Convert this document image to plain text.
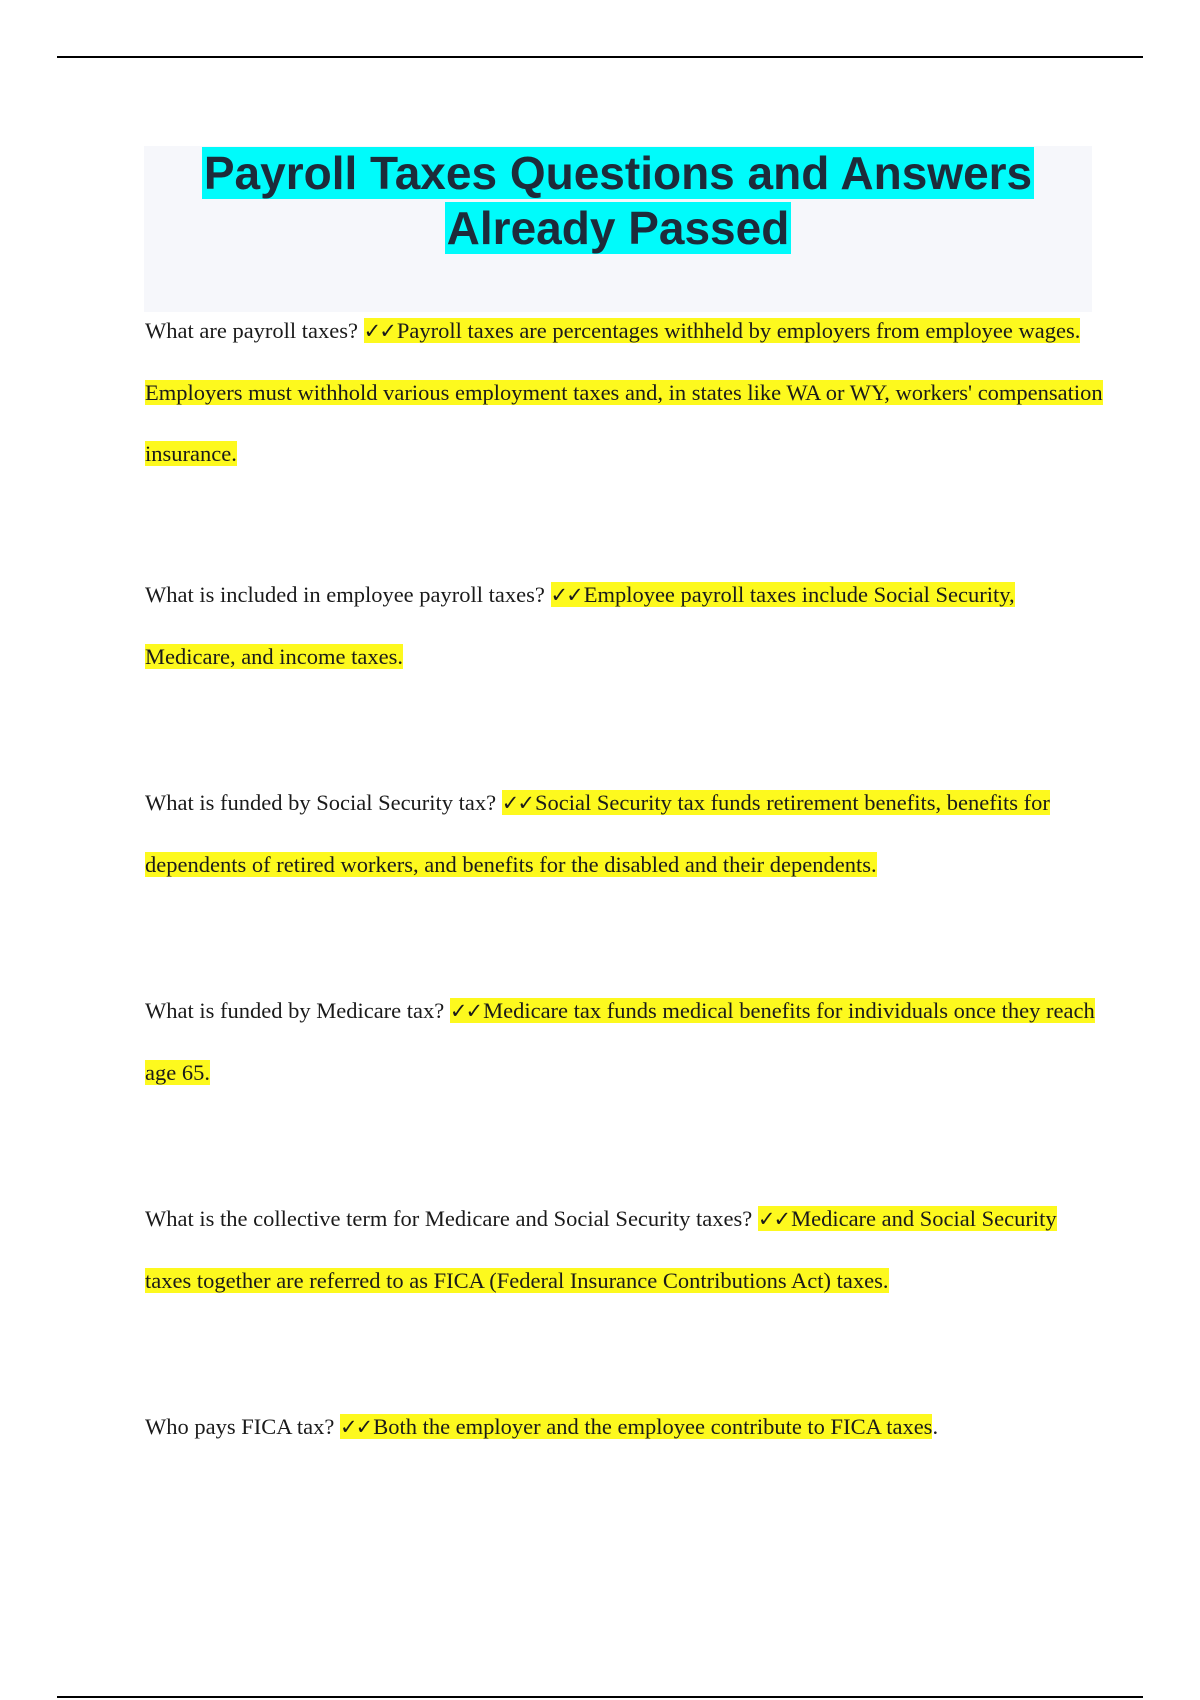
Payroll Taxes Questions and Answers
Already Passed

What are payroll taxes? ✓✓Payroll taxes are percentages withheld by employers from employee wages. Employers must withhold various employment taxes and, in states like WA or WY, workers' compensation insurance.

What is included in employee payroll taxes? ✓✓Employee payroll taxes include Social Security, Medicare, and income taxes.

What is funded by Social Security tax? ✓✓Social Security tax funds retirement benefits, benefits for dependents of retired workers, and benefits for the disabled and their dependents.

What is funded by Medicare tax? ✓✓Medicare tax funds medical benefits for individuals once they reach age 65.

What is the collective term for Medicare and Social Security taxes? ✓✓Medicare and Social Security taxes together are referred to as FICA (Federal Insurance Contributions Act) taxes.

Who pays FICA tax? ✓✓Both the employer and the employee contribute to FICA taxes.
